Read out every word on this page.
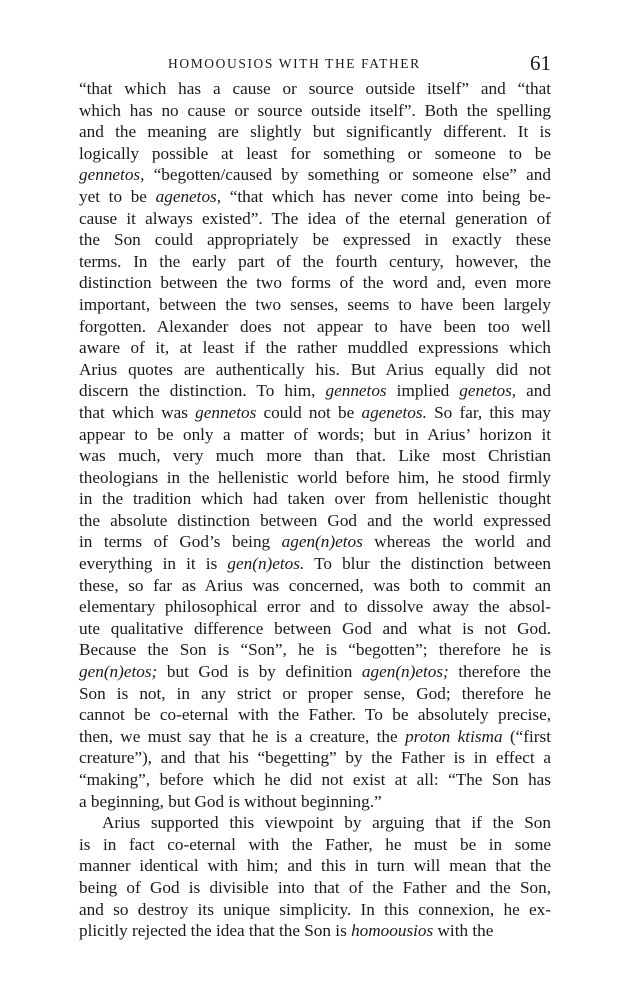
HOMOOUSIOS WITH THE FATHER	61
“that which has a cause or source outside itself” and “that
which has no cause or source outside itself”. Both the spelling
and the meaning are slightly but significantly different. It is
logically possible at least for something or someone to be
gennetos, “begotten/caused by something or someone else” and
yet to be agenetos, “that which has never come into being be-
cause it always existed”. The idea of the eternal generation of
the Son could appropriately be expressed in exactly these
terms. In the early part of the fourth century, however, the
distinction between the two forms of the word and, even more
important, between the two senses, seems to have been largely
forgotten. Alexander does not appear to have been too well
aware of it, at least if the rather muddled expressions which
Arius quotes are authentically his. But Arius equally did not
discern the distinction. To him, gennetos implied genetos, and
that which was gennetos could not be agenetos. So far, this may
appear to be only a matter of words; but in Arius’ horizon it
was much, very much more than that. Like most Christian
theologians in the hellenistic world before him, he stood firmly
in the tradition which had taken over from hellenistic thought
the absolute distinction between God and the world expressed
in terms of God’s being agen(n)etos whereas the world and
everything in it is gen(n)etos. To blur the distinction between
these, so far as Arius was concerned, was both to commit an
elementary philosophical error and to dissolve away the absol-
ute qualitative difference between God and what is not God.
Because the Son is “Son”, he is “begotten”; therefore he is
gen(n)etos; but God is by definition agen(n)etos; therefore the
Son is not, in any strict or proper sense, God; therefore he
cannot be co-eternal with the Father. To be absolutely precise,
then, we must say that he is a creature, the proton ktisma (“first
creature”), and that his “begetting” by the Father is in effect a
“making”, before which he did not exist at all: “The Son has
a beginning, but God is without beginning.”
Arius supported this viewpoint by arguing that if the Son
is in fact co-eternal with the Father, he must be in some
manner identical with him; and this in turn will mean that the
being of God is divisible into that of the Father and the Son,
and so destroy its unique simplicity. In this connexion, he ex-
plicitly rejected the idea that the Son is homoousios with the
